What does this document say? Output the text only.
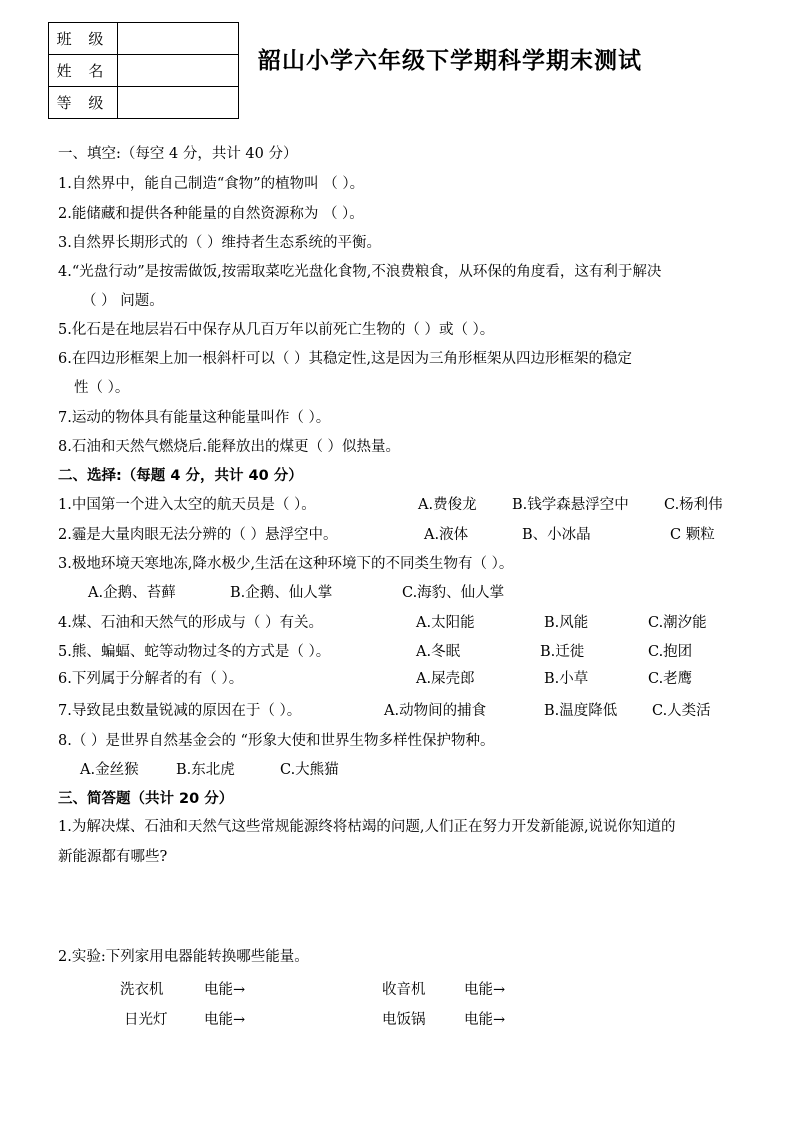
班 级	
姓 名	
等 级	
韶山小学六年级下学期科学期末测试
一、填空:（每空 4 分，共计 40 分）
1.自然界中，能自己制造“食物”的植物叫 （ ）。
2.能储藏和提供各种能量的自然资源称为 （ ）。
3.自然界长期形式的（ ）维持者生态系统的平衡。
4.“光盘行动”是按需做饭,按需取菜吃光盘化食物,不浪费粮食，从环保的角度看，这有利于解决
（ ） 问题。
5.化石是在地层岩石中保存从几百万年以前死亡生物的（ ）或（ ）。
6.在四边形框架上加一根斜杆可以（ ）其稳定性,这是因为三角形框架从四边形框架的稳定
性（ ）。
7.运动的物体具有能量这种能量叫作（ ）。
8.石油和天然气燃烧后.能释放出的煤更（ ）似热量。
二、选择:（每题 4 分，共计 40 分）
1.中国第一个进入太空的航天员是（ ）。	A.费俊龙 B.钱学森悬浮空中 C.杨利伟
2.霾是大量肉眼无法分辨的（ ）悬浮空中。	A.液体	B、小冰晶	C 颗粒
3.极地环境天寒地冻,降水极少,生活在这种环境下的不同类生物有（ ）。
A.企鹅、苔藓	B.企鹅、仙人掌	C.海豹、仙人掌
4.煤、石油和天然气的形成与（ ）有关。	A.太阳能	B.风能	C.潮汐能
5.熊、蝙蝠、蛇等动物过冬的方式是（ ）。	A.冬眠	B.迁徙	C.抱团
6.下列属于分解者的有（ ）。	A.屎壳郎	B.小草	C.老鹰
7.导致昆虫数量锐减的原因在于（ ）。	A.动物间的捕食	B.温度降低 C.人类活
8.（ ）是世界自然基金会的 “形象大使和世界生物多样性保护物种。
A.金丝猴	B.东北虎	C.大熊猫
三、简答题（共计 20 分）
1.为解决煤、石油和天然气这些常规能源终将枯竭的问题,人们正在努力开发新能源,说说你知道的
新能源都有哪些?
2.实验:下列家用电器能转换哪些能量。
洗衣机	电能→	收音机	电能→
日光灯	电能→	电饭锅	电能→
